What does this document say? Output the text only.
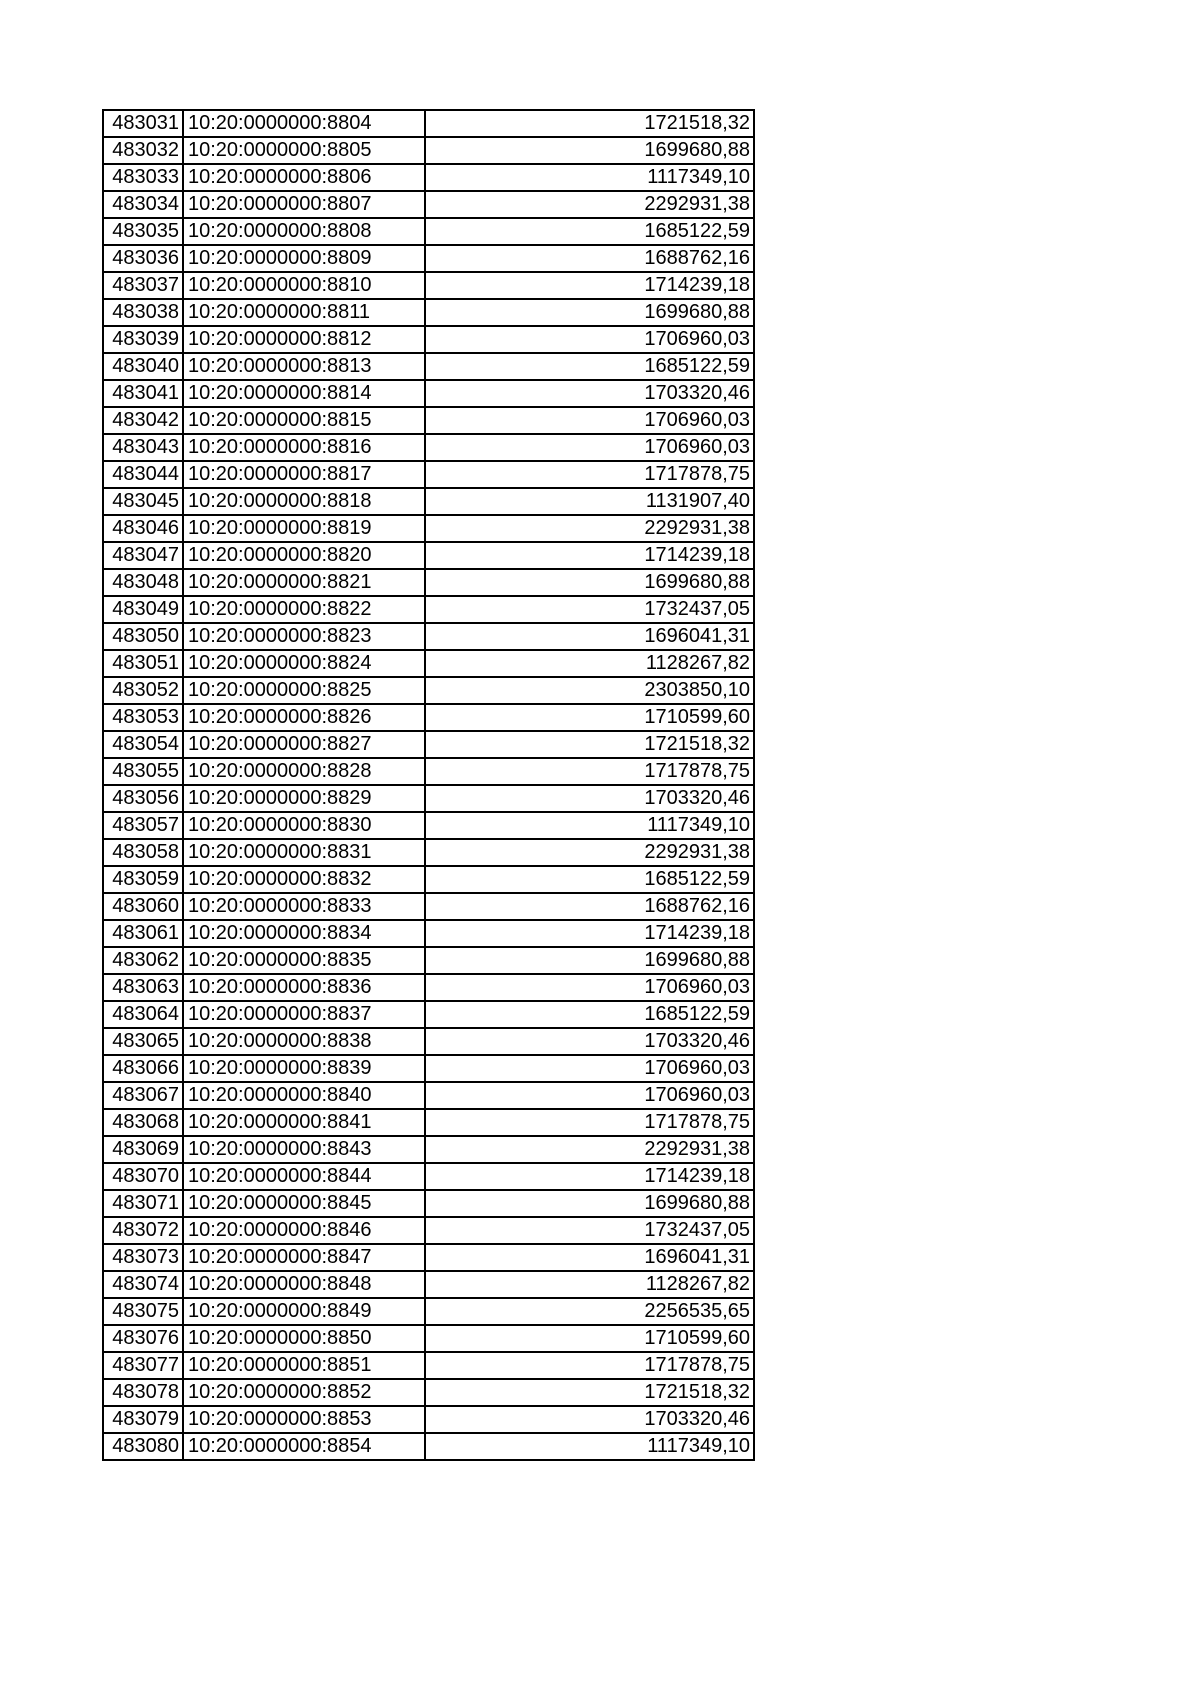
483031	10:20:0000000:8804	1721518,32
483032	10:20:0000000:8805	1699680,88
483033	10:20:0000000:8806	1117349,10
483034	10:20:0000000:8807	2292931,38
483035	10:20:0000000:8808	1685122,59
483036	10:20:0000000:8809	1688762,16
483037	10:20:0000000:8810	1714239,18
483038	10:20:0000000:8811	1699680,88
483039	10:20:0000000:8812	1706960,03
483040	10:20:0000000:8813	1685122,59
483041	10:20:0000000:8814	1703320,46
483042	10:20:0000000:8815	1706960,03
483043	10:20:0000000:8816	1706960,03
483044	10:20:0000000:8817	1717878,75
483045	10:20:0000000:8818	1131907,40
483046	10:20:0000000:8819	2292931,38
483047	10:20:0000000:8820	1714239,18
483048	10:20:0000000:8821	1699680,88
483049	10:20:0000000:8822	1732437,05
483050	10:20:0000000:8823	1696041,31
483051	10:20:0000000:8824	1128267,82
483052	10:20:0000000:8825	2303850,10
483053	10:20:0000000:8826	1710599,60
483054	10:20:0000000:8827	1721518,32
483055	10:20:0000000:8828	1717878,75
483056	10:20:0000000:8829	1703320,46
483057	10:20:0000000:8830	1117349,10
483058	10:20:0000000:8831	2292931,38
483059	10:20:0000000:8832	1685122,59
483060	10:20:0000000:8833	1688762,16
483061	10:20:0000000:8834	1714239,18
483062	10:20:0000000:8835	1699680,88
483063	10:20:0000000:8836	1706960,03
483064	10:20:0000000:8837	1685122,59
483065	10:20:0000000:8838	1703320,46
483066	10:20:0000000:8839	1706960,03
483067	10:20:0000000:8840	1706960,03
483068	10:20:0000000:8841	1717878,75
483069	10:20:0000000:8843	2292931,38
483070	10:20:0000000:8844	1714239,18
483071	10:20:0000000:8845	1699680,88
483072	10:20:0000000:8846	1732437,05
483073	10:20:0000000:8847	1696041,31
483074	10:20:0000000:8848	1128267,82
483075	10:20:0000000:8849	2256535,65
483076	10:20:0000000:8850	1710599,60
483077	10:20:0000000:8851	1717878,75
483078	10:20:0000000:8852	1721518,32
483079	10:20:0000000:8853	1703320,46
483080	10:20:0000000:8854	1117349,10
